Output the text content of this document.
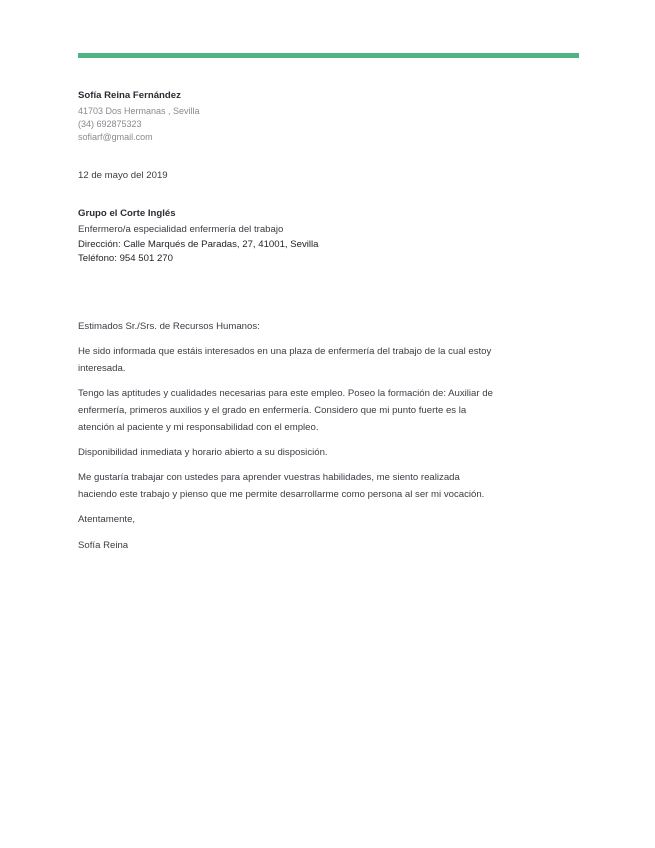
Sofía Reina Fernández
41703 Dos Hermanas , Sevilla
(34) 692875323
sofiarf@gmail.com
12 de mayo del 2019
Grupo el Corte Inglés
Enfermero/a especialidad enfermería del trabajo
Dirección: Calle Marqués de Paradas, 27, 41001, Sevilla
Teléfono: 954 501 270

Estimados Sr./Srs. de Recursos Humanos:

He sido informada que estáis interesados en una plaza de enfermería del trabajo de la cual estoy interesada.

Tengo las aptitudes y cualidades necesarias para este empleo. Poseo la formación de: Auxiliar de enfermería, primeros auxilios y el grado en enfermería. Considero que mi punto fuerte es la atención al paciente y mi responsabilidad con el empleo.

Disponibilidad inmediata y horario abierto a su disposición.

Me gustaría trabajar con ustedes para aprender vuestras habilidades, me siento realizada haciendo este trabajo y pienso que me permite desarrollarme como persona al ser mi vocación.

Atentamente,

Sofía Reina
